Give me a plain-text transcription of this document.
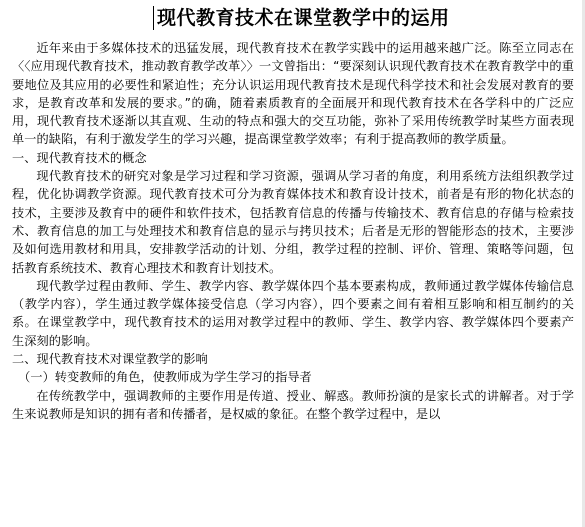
现代教育技术在课堂教学中的运用

近年来由于多媒体技术的迅猛发展，现代教育技术在教学实践中的运用越来越广泛。陈至立同志在〈〈应用现代教育技术，推动教育教学改革〉〉一文曾指出：“要深刻认识现代教育技术在教育教学中的重要地位及其应用的必要性和紧迫性；充分认识运用现代教育技术是现代科学技术和社会发展对教育的要求，是教育改革和发展的要求。”的确，随着素质教育的全面展开和现代教育技术在各学科中的广泛应用，现代教育技术逐渐以其直观、生动的特点和强大的交互功能，弥补了采用传统教学时某些方面表现单一的缺陷，有利于激发学生的学习兴趣，提高课堂教学效率；有利于提高教师的教学质量。

一、现代教育技术的概念

现代教育技术的研究对象是学习过程和学习资源，强调从学习者的角度，利用系统方法组织教学过程，优化协调教学资源。现代教育技术可分为教育媒体技术和教育设计技术，前者是有形的物化状态的技术，主要涉及教育中的硬件和软件技术，包括教育信息的传播与传输技术、教育信息的存储与检索技术、教育信息的加工与处理技术和教育信息的显示与拷贝技术；后者是无形的智能形态的技术，主要涉及如何选用教材和用具，安排教学活动的计划、分组，教学过程的控制、评价、管理、策略等问题，包括教育系统技术、教育心理技术和教育计划技术。

现代教学过程由教师、学生、教学内容、教学媒体四个基本要素构成，教师通过教学媒体传输信息（教学内容），学生通过教学媒体接受信息（学习内容），四个要素之间有着相互影响和相互制约的关系。在课堂教学中，现代教育技术的运用对教学过程中的教师、学生、教学内容、教学媒体四个要素产生深刻的影响。

二、现代教育技术对课堂教学的影响

（一）转变教师的角色，使教师成为学生学习的指导者

在传统教学中，强调教师的主要作用是传道、授业、解惑。教师扮演的是家长式的讲解者。对于学生来说教师是知识的拥有者和传播者，是权威的象征。在整个教学过程中，是以
